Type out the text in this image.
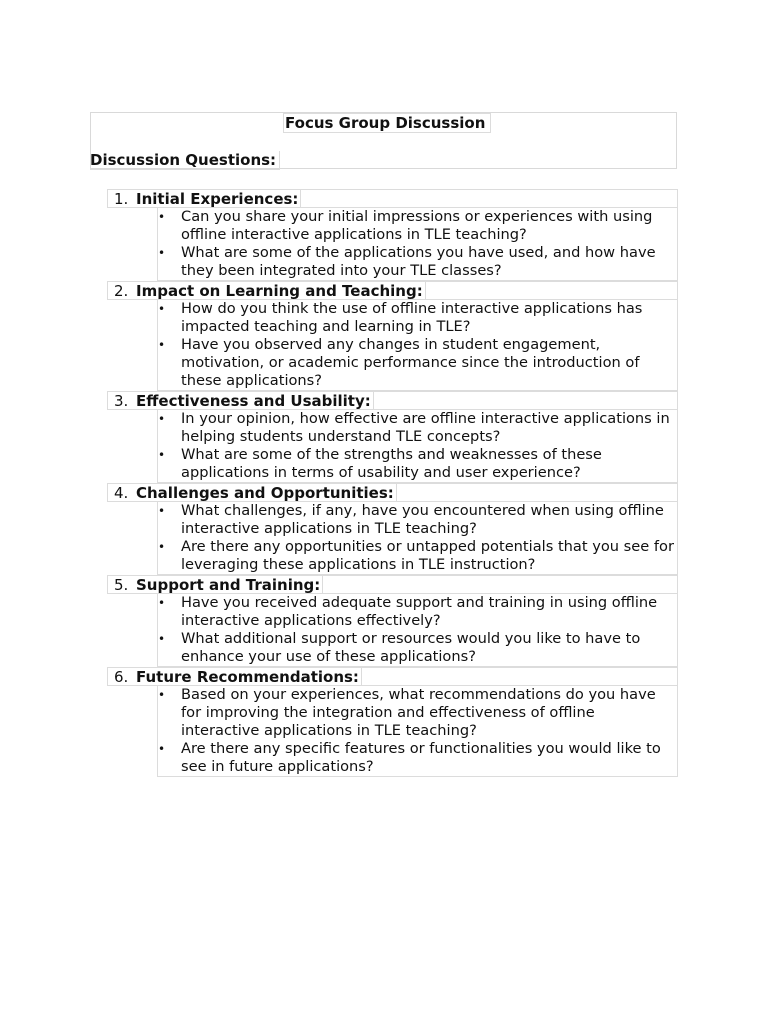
Focus Group Discussion
Discussion Questions:
1. Initial Experiences:
• Can you share your initial impressions or experiences with using offline interactive applications in TLE teaching?
• What are some of the applications you have used, and how have they been integrated into your TLE classes?
2. Impact on Learning and Teaching:
• How do you think the use of offline interactive applications has impacted teaching and learning in TLE?
• Have you observed any changes in student engagement, motivation, or academic performance since the introduction of these applications?
3. Effectiveness and Usability:
• In your opinion, how effective are offline interactive applications in helping students understand TLE concepts?
• What are some of the strengths and weaknesses of these applications in terms of usability and user experience?
4. Challenges and Opportunities:
• What challenges, if any, have you encountered when using offline interactive applications in TLE teaching?
• Are there any opportunities or untapped potentials that you see for leveraging these applications in TLE instruction?
5. Support and Training:
• Have you received adequate support and training in using offline interactive applications effectively?
• What additional support or resources would you like to have to enhance your use of these applications?
6. Future Recommendations:
• Based on your experiences, what recommendations do you have for improving the integration and effectiveness of offline interactive applications in TLE teaching?
• Are there any specific features or functionalities you would like to see in future applications?
